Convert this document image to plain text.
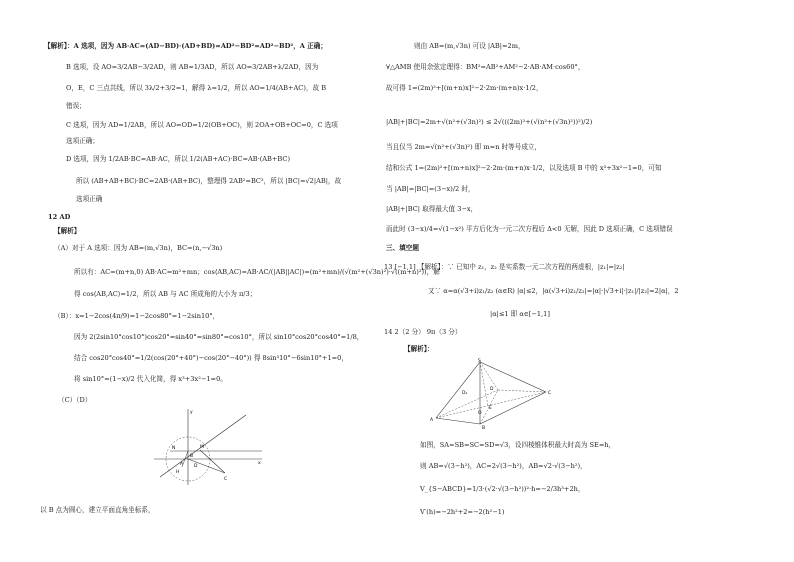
【解析】：A 选项，因为 AB·AC=(AD−BD)·(AD+BD)=AD²−BD²=AD²−BD²，A 正确；
B 选项，设 AO=3/2AB−3/2AD，则 AB=1/3AD，所以 AO=3/2AB+λ/2AD，因为
O，E，C 三点共线，所以 3λ/2+3/2=1，解得 λ=1/2，所以 AO=1/4(AB+AC)，故 B
错误；
C 选项，因为 AD=1/2AB，所以 AO=OD=1/2(OB+OC)，则 2OA+OB+OC=0，C 选项
选项正确；
D 选项，因为 1/2AB·BC=AB·AC，所以 1/2(AB+AC)·BC=AB·(AB+BC)
所以 (AB+AB+BC)·BC=2AB·(AB+BC)，整理得 2AB²=BC²，所以 |BC|=√2|AB|，故
选项正确
12 AD
【解析】
（A）对于 A 选项：因为 AB=(m,√3n)，BC=(n,−√3n)
所以有：AC=(m+n,0) AB·AC=m²+mn；cos⟨AB,AC⟩=AB·AC/(|AB||AC|)=(m²+mn)/(√(m²+(√3n)²)·√((m+n)²))，解
得 cos⟨AB,AC⟩=1/2，所以 AB 与 AC 所成角的大小为 π/3；
（B）：x=1−2cos(4π/9)=1−2cos80°=1−2sin10°，
因为 2(2sin10°cos10°)cos20°=sin40°=sin80°=cos10°，所以 sin10°cos20°cos40°=1/8，
结合 cos20°cos40°=1/2(cos(20°+40°)−cos(20°−40°)) 得 8sin³10°−6sin10°+1=0，
将 sin10°=(1−x)/2 代入化简，得 x³+3x²−1=0。
（C）（D）
以 B 点为圆心，建立平面直角坐标系，
y
x
A
B
C
M
N
D
H
则由 AB=(m,√3n) 可设 |AB|=2m，
∀△AMB 使用余弦定理得：BM²=AB²+AM²−2·AB·AM·cos60°，
故可得 1=(2m)²+[(m+n)x]²−2·2m·(m+n)x·1/2，
|AB|+|BC|=2m+√(n²+(√3n)²) ≤ 2√(((2m)²+(√(n²+(√3n)²))²)/2)
当且仅当 2m=√(n²+(√3n)²) 即 m=n 时等号成立，
结和公式 1=(2m)²+[(m+n)x]²−2·2m·(m+n)x·1/2，以及选项 B 中的 x³+3x²−1=0，可知
当 |AB|=|BC|=(3−x)/2 时，
|AB|+|BC| 取得最大值 3−x，
而此时 (3−x)/4=√(1−x²) 平方后化为一元二次方程后 Δ<0 无解，因此 D 选项正确，C 选项错误
三、填空题
13 [−1,1] 【解析】：∵ 已知中 z₁，z₂ 是实系数一元二次方程的两虚根，|z₁|=|z₂|
又∵ α=α(√3+i)z₁/z₂ (α∈R) |α|≤2，|α(√3+i)z₁/z₂|=|α|·|√3+i|·|z₁|/|z₂|=2|α|，2
|α|≤1 即 α∈[−1,1]
14 2（2 分） 9π（3 分）
【解析】：
如图，SA=SB=SC=SD=√3，设四棱锥体积最大时高为 SE=h，
则 AB=√(3−h²)，AC=2√(3−h²)，AB=√2·√(3−h²)，
V_{S−ABCD}=1/3·(√2·√(3−h²))²·h=−2/3h³+2h，
V′(h)=−2h²+2=−2(h²−1)
S
A
B
C
D
E
O
D₁
